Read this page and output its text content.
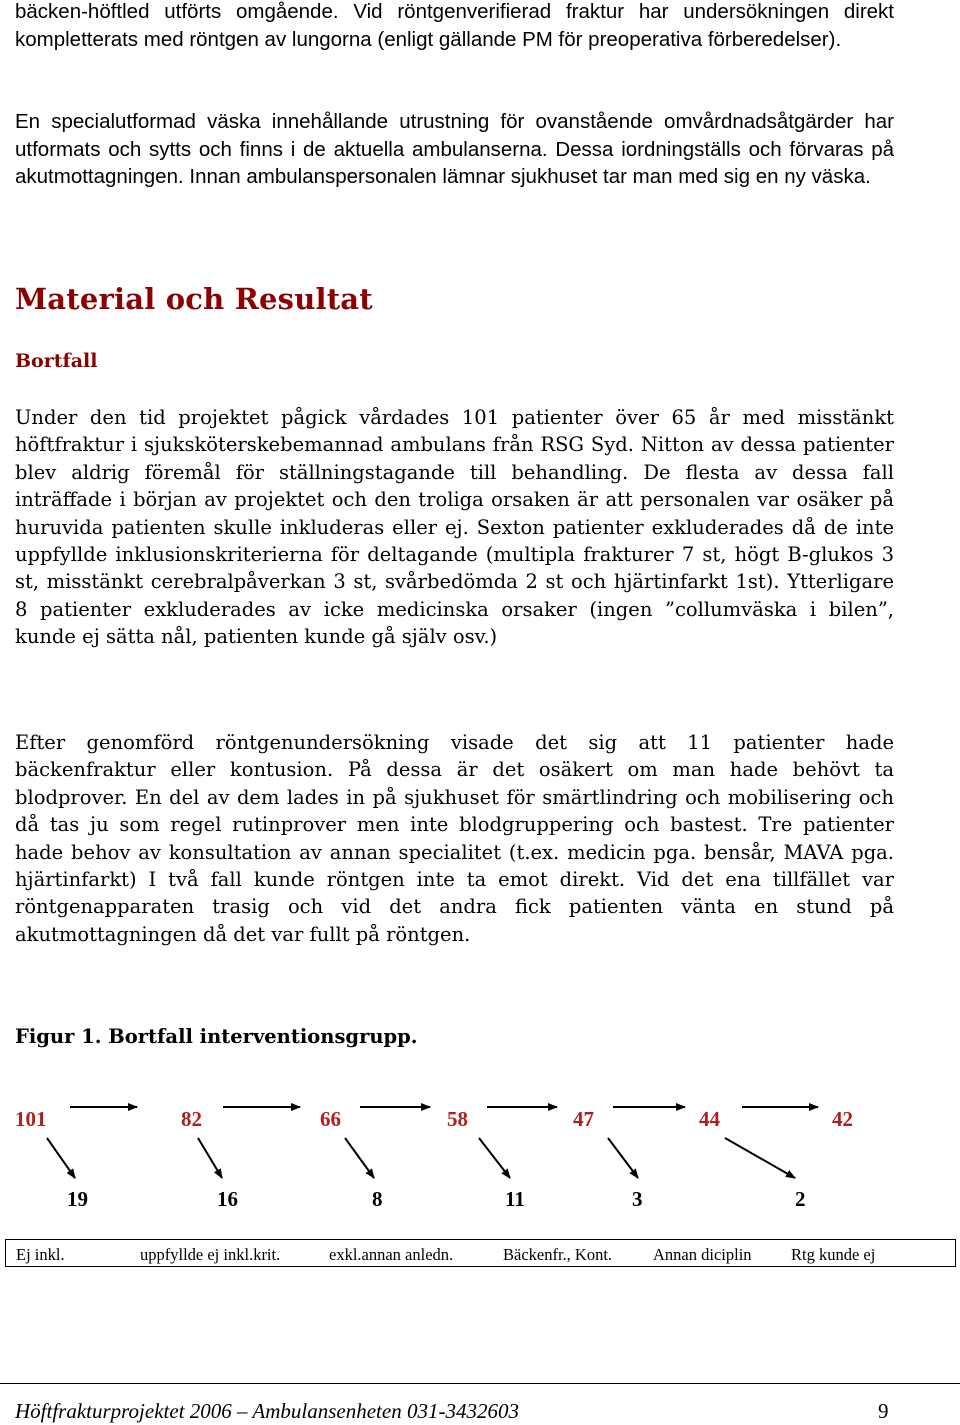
bäcken-höftled utförts omgående. Vid röntgenverifierad fraktur har undersökningen direkt kompletterats med röntgen av lungorna (enligt gällande PM för preoperativa förberedelser).

En specialutformad väska innehållande utrustning för ovanstående omvårdnadsåtgärder har utformats och sytts och finns i de aktuella ambulanserna. Dessa iordningställs och förvaras på akutmottagningen. Innan ambulanspersonalen lämnar sjukhuset tar man med sig en ny väska.

Material och Resultat
Bortfall

Under den tid projektet pågick vårdades 101 patienter över 65 år med misstänkt höftfraktur i sjuksköterskebemannad ambulans från RSG Syd. Nitton av dessa patienter blev aldrig föremål för ställningstagande till behandling. De flesta av dessa fall inträffade i början av projektet och den troliga orsaken är att personalen var osäker på huruvida patienten skulle inkluderas eller ej. Sexton patienter exkluderades då de inte uppfyllde inklusionskriterierna för deltagande (multipla frakturer 7 st, högt B-glukos 3 st, misstänkt cerebralpåverkan 3 st, svårbedömda 2 st och hjärtinfarkt 1st). Ytterligare 8 patienter exkluderades av icke medicinska orsaker (ingen ”collumväska i bilen”, kunde ej sätta nål, patienten kunde gå själv osv.)

Efter genomförd röntgenundersökning visade det sig att 11 patienter hade bäckenfraktur eller kontusion. På dessa är det osäkert om man hade behövt ta blodprover. En del av dem lades in på sjukhuset för smärtlindring och mobilisering och då tas ju som regel rutinprover men inte blodgruppering och bastest. Tre patienter hade behov av konsultation av annan specialitet (t.ex. medicin pga. bensår, MAVA pga. hjärtinfarkt) I två fall kunde röntgen inte ta emot direkt. Vid det ena tillfället var röntgenapparaten trasig och vid det andra fick patienten vänta en stund på akutmottagningen då det var fullt på röntgen.

Figur 1. Bortfall interventionsgrupp.

101	82	66	58	47	44	42
19	16	8	11	3	2
Ej inkl.	uppfyllde ej inkl.krit.	exkl.annan anledn.	Bäckenfr., Kont. Annan diciplin Rtg kunde ej
Höftfrakturprojektet 2006 – Ambulansenheten 031-3432603	9
